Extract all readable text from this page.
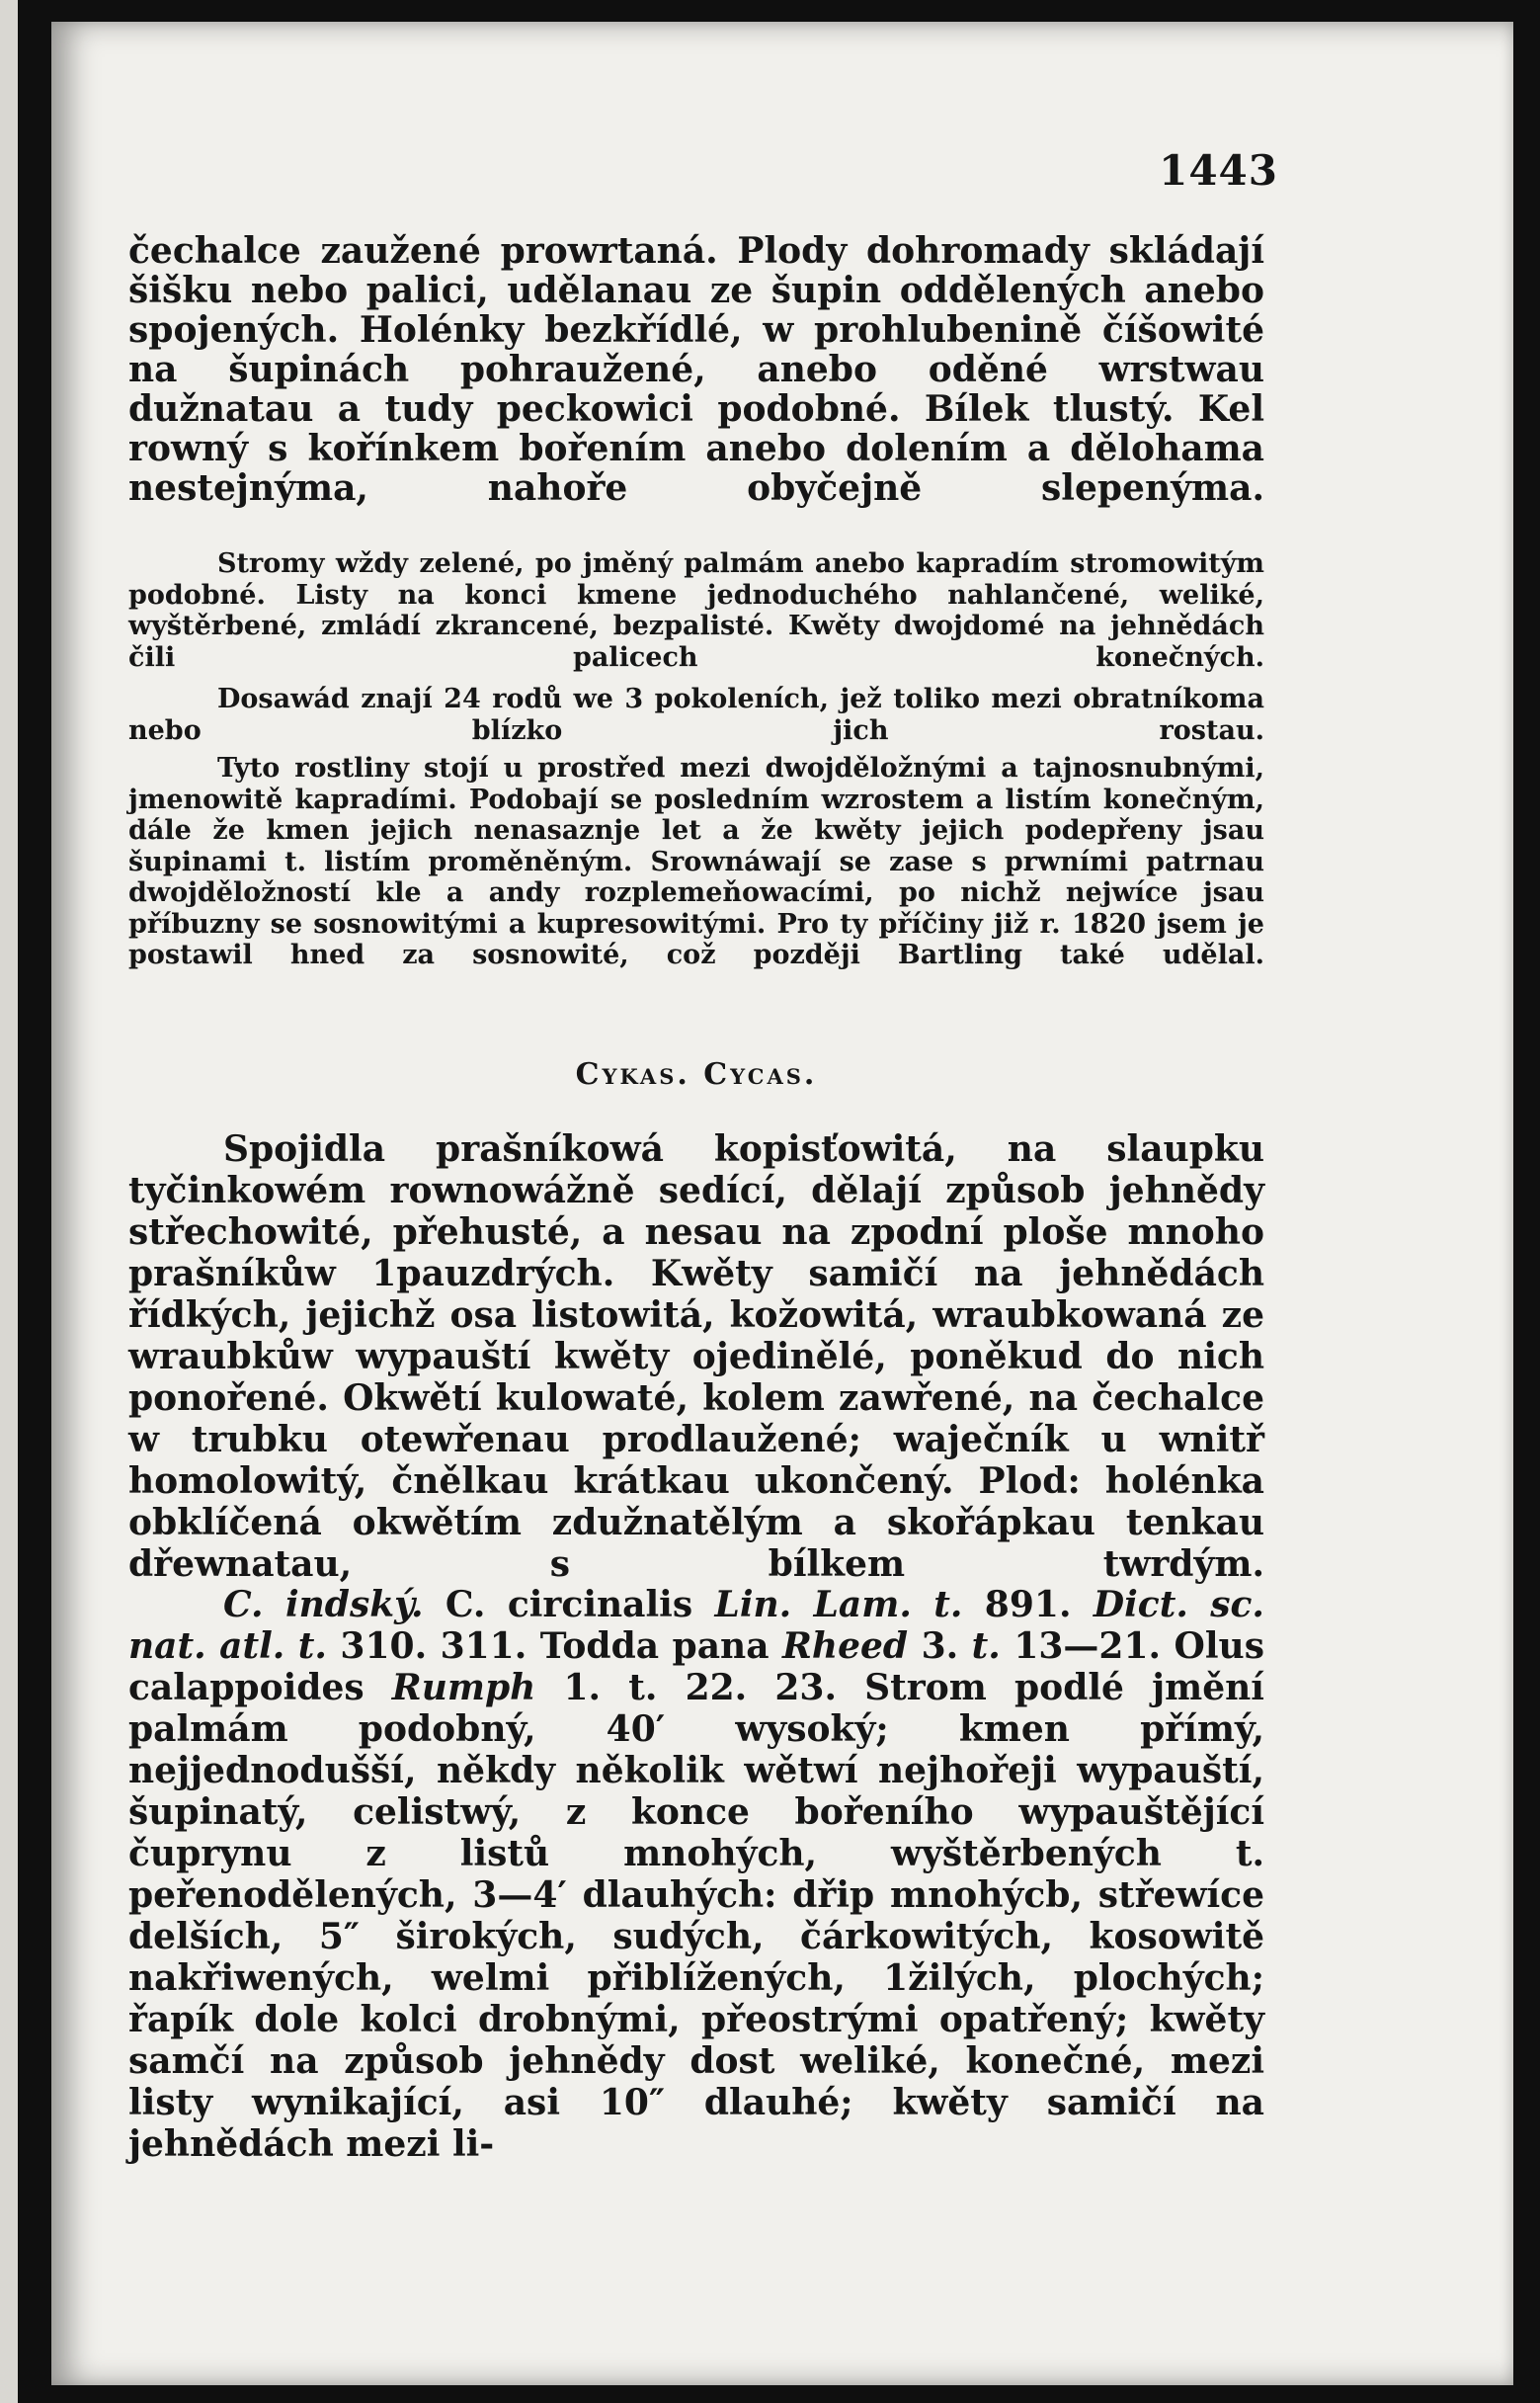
1443
čechalce zaužené prowrtaná. Plody dohromady skládají šišku nebo palici, udělanau ze šupin oddělených anebo spojených. Holénky bezkřídlé, w prohlubenině číšowité na šupinách pohraužené, anebo oděné wrstwau dužnatau a tudy peckowici podobné. Bílek tlustý. Kel rowný s kořínkem bořením anebo dolením a dělohama nestejnýma, nahoře obyčejně slepenýma.
Stromy wždy zelené, po jměný palmám anebo kapradím stromowitým podobné. Listy na konci kmene jednoduchého nahlančené, weliké, wyštěrbené, zmládí zkrancené, bezpalisté. Kwěty dwojdomé na jehnědách čili palicech konečných.
Dosawád znají 24 rodů we 3 pokoleních, jež toliko mezi obratníkoma nebo blízko jich rostau.
Tyto rostliny stojí u prostřed mezi dwojděložnými a tajnosnubnými, jmenowitě kapradími. Podobají se posledním wzrostem a listím konečným, dále že kmen jejich nenasaznje let a že kwěty jejich podepřeny jsau šupinami t. listím proměněným. Srownáwají se zase s prwními patrnau dwojděložností kle a andy rozplemeňowacími, po nichž nejwíce jsau příbuzny se sosnowitými a kupresowitými. Pro ty příčiny již r. 1820 jsem je postawil hned za sosnowité, což později Bartling také udělal.
Cykas. Cycas.
Spojidla prašníkowá kopisťowitá, na slaupku tyčinkowém rownowážně sedící, dělají způsob jehnědy střechowité, přehusté, a nesau na zpodní ploše mnoho prašníkůw 1pauzdrých. Kwěty samičí na jehnědách řídkých, jejichž osa listowitá, kožowitá, wraubkowaná ze wraubkůw wypauští kwěty ojedinělé, poněkud do nich ponořené. Okwětí kulowaté, kolem zawřené, na čechalce w trubku otewřenau prodlaužené; waječník u wnitř homolowitý, čnělkau krátkau ukončený. Plod: holénka obklíčená okwětím zdužnatělým a skořápkau tenkau dřewnatau, s bílkem twrdým.
C. indský. C. circinalis Lin. Lam. t. 891. Dict. sc. nat. atl. t. 310. 311. Todda pana Rheed 3. t. 13—21. Olus calappoides Rumph 1. t. 22. 23. Strom podlé jmění palmám podobný, 40′ wysoký; kmen přímý, nejjednodušší, někdy několik wětwí nejhořeji wypauští, šupinatý, celistwý, z konce bořeního wypauštějící čuprynu z listů mnohých, wyštěrbených t. peřenodělených, 3—4′ dlauhých: dřip mnohýcb, střewíce delších, 5″ širokých, sudých, čárkowitých, kosowitě nakřiwených, welmi přiblížených, 1žilých, plochých; řapík dole kolci drobnými, přeostrými opatřený; kwěty samčí na způsob jehnědy dost weliké, konečné, mezi listy wynikající, asi 10″ dlauhé; kwěty samičí na jehnědách mezi li-
